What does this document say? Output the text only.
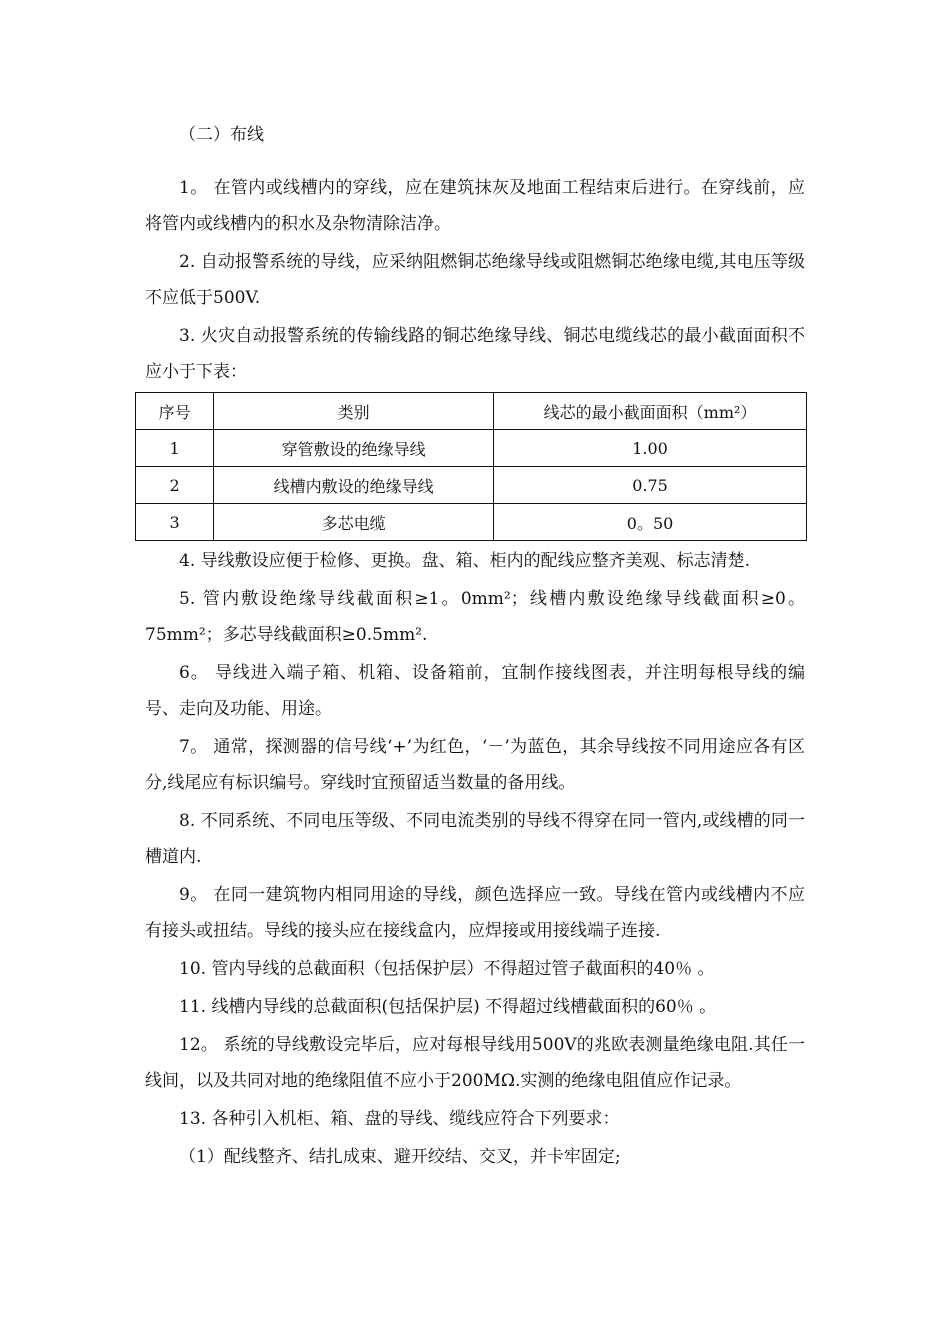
（二）布线

1。 在管内或线槽内的穿线，应在建筑抹灰及地面工程结束后进行。在穿线前，应将管内或线槽内的积水及杂物清除洁净。

2. 自动报警系统的导线，应采纳阻燃铜芯绝缘导线或阻燃铜芯绝缘电缆,其电压等级不应低于500V.

3. 火灾自动报警系统的传输线路的铜芯绝缘导线、铜芯电缆线芯的最小截面面积不应小于下表：

序号	类别	线芯的最小截面面积（mm²）
1	穿管敷设的绝缘导线	1.00
2	线槽内敷设的绝缘导线	0.75
3	多芯电缆	0。50

4. 导线敷设应便于检修、更换。盘、箱、柜内的配线应整齐美观、标志清楚.

5. 管内敷设绝缘导线截面积≥1。0mm²；线槽内敷设绝缘导线截面积≥0。75mm²；多芯导线截面积≥0.5mm².

6。 导线进入端子箱、机箱、设备箱前，宜制作接线图表，并注明每根导线的编号、走向及功能、用途。

7。 通常，探测器的信号线‘+’为红色，‘－’为蓝色，其余导线按不同用途应各有区分,线尾应有标识编号。穿线时宜预留适当数量的备用线。

8. 不同系统、不同电压等级、不同电流类别的导线不得穿在同一管内,或线槽的同一槽道内.

9。 在同一建筑物内相同用途的导线，颜色选择应一致。导线在管内或线槽内不应有接头或扭结。导线的接头应在接线盒内，应焊接或用接线端子连接.

10. 管内导线的总截面积（包括保护层）不得超过管子截面积的40％ 。

11. 线槽内导线的总截面积(包括保护层) 不得超过线槽截面积的60％ 。

12。 系统的导线敷设完毕后，应对每根导线用500V的兆欧表测量绝缘电阻.其任一线间，以及共同对地的绝缘阻值不应小于200MΩ.实测的绝缘电阻值应作记录。

13. 各种引入机柜、箱、盘的导线、缆线应符合下列要求：

（1）配线整齐、结扎成束、避开绞结、交叉，并卡牢固定;
